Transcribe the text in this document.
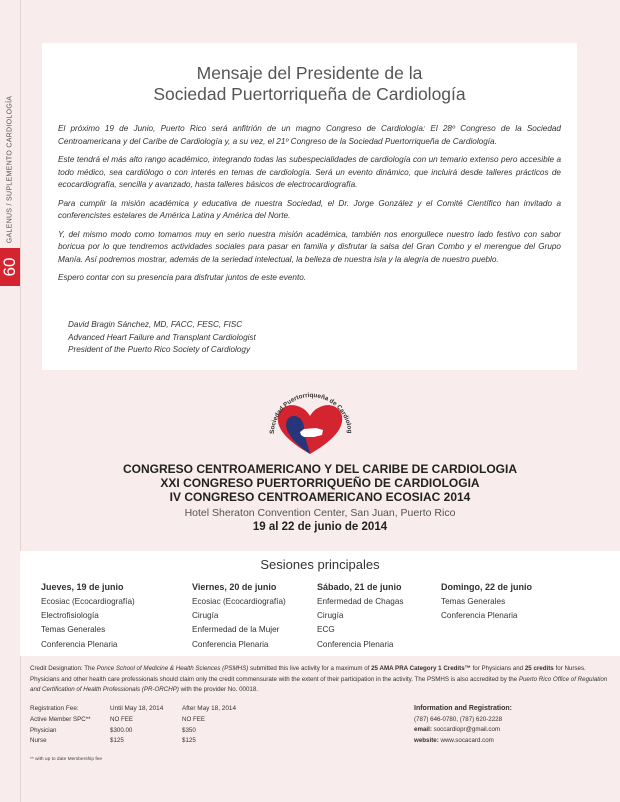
GALENUS / SUPLEMENTO CARDIOLOGÍA
60
Mensaje del Presidente de la
Sociedad Puertorriqueña de Cardiología

El próximo 19 de Junio, Puerto Rico será anfitrión de un magno Congreso de Cardiología: El 28º Congreso de la Sociedad Centroamericana y del Caribe de Cardiología y, a su vez, el 21º Congreso de la Sociedad Puertorriqueña de Cardiología.

Este tendrá el más alto rango académico, integrando todas las subespecialidades de cardiología con un temario extenso pero accesible a todo médico, sea cardiólogo o con interés en temas de cardiología. Será un evento dinámico, que incluirá desde talleres prácticos de ecocardiografía, sencilla y avanzado, hasta talleres básicos de electrocardiografía.

Para cumplir la misión académica y educativa de nuestra Sociedad, el Dr. Jorge González y el Comité Científico han invitado a conferencistes estelares de América Latina y América del Norte.

Y, del mismo modo como tomamos muy en serio nuestra misión académica, también nos enorgullece nuestro lado festivo con sabor boricua por lo que tendremos actividades sociales para pasar en familia y disfrutar la salsa del Gran Combo y el merengue del Grupo Manía. Así podremos mostrar, además de la seriedad intelectual, la belleza de nuestra isla y la alegría de nuestro pueblo.

Espero contar con su presencia para disfrutar juntos de este evento.

David Bragin Sánchez, MD, FACC, FESC, FISC
Advanced Heart Failure and Transplant Cardiologist
President of the Puerto Rico Society of Cardiology
Sociedad Puertorriqueña de Cardiolog
CONGRESO CENTROAMERICANO Y DEL CARIBE DE CARDIOLOGIA
XXI CONGRESO PUERTORRIQUEÑO DE CARDIOLOGIA
IV CONGRESO CENTROAMERICANO ECOSIAC 2014
Hotel Sheraton Convention Center, San Juan, Puerto Rico
19 al 22 de junio de 2014
Sesiones principales
Jueves, 19 de junio
Ecosiac (Ecocardiografía)
Electrofisiología
Temas Generales
Conferencia Plenaria
Viernes, 20 de junio
Ecosiac (Ecocardiografía)
Cirugía
Enfermedad de la Mujer
Conferencia Plenaria
Sábado, 21 de junio
Enfermedad de Chagas
Cirugía
ECG
Conferencia Plenaria
Domingo, 22 de junio
Temas Generales
Conferencia Plenaria
Credit Designation: The Ponce School of Medicine & Health Sciences (PSMHS) submitted this live activity for a maximum of 25 AMA PRA Category 1 Credits™ for Physicians and 25 credits for Nurses. Physicians and other health care professionals should claim only the credit commensurate with the extent of their participation in the activity. The PSMHS is also accredited by the Puerto Rico Office of Regulation and Certification of Health Professionals (PR-ORCHP) with the provider No. 00018.
Registration Fee:	Until May 18, 2014	After May 18, 2014
Active Member SPC**	NO FEE	NO FEE
Physician	$300.00	$350
Nurse	$125	$125
** with up to date Membership fee
Information and Registration:
(787) 646-0780, (787) 620-2228
email: soccardiopr@gmail.com
website: www.socacard.com
